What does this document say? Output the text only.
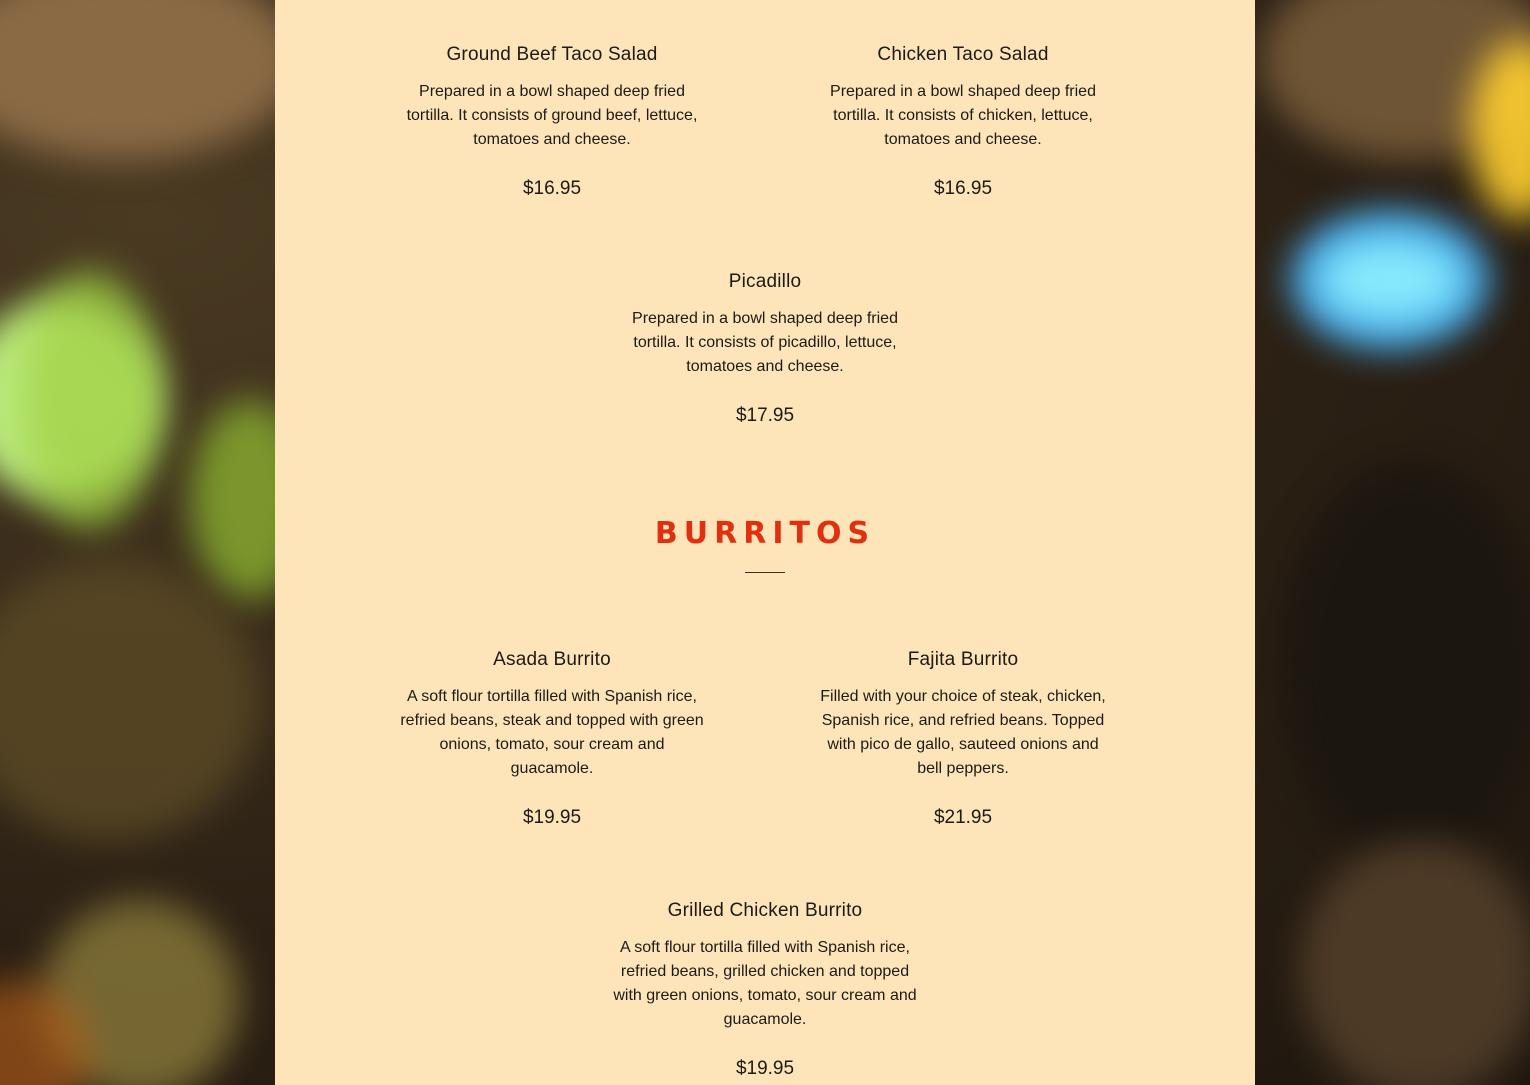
Ground Beef Taco Salad

Prepared in a bowl shaped deep fried tortilla. It consists of ground beef, lettuce, tomatoes and cheese.

$16.95

Chicken Taco Salad

Prepared in a bowl shaped deep fried tortilla. It consists of chicken, lettuce, tomatoes and cheese.

$16.95

Picadillo

Prepared in a bowl shaped deep fried tortilla. It consists of picadillo, lettuce, tomatoes and cheese.

$17.95

BURRITOS
Asada Burrito

A soft flour tortilla filled with Spanish rice, refried beans, steak and topped with green onions, tomato, sour cream and guacamole.

$19.95

Fajita Burrito

Filled with your choice of steak, chicken, Spanish rice, and refried beans. Topped with pico de gallo, sauteed onions and bell peppers.

$21.95

Grilled Chicken Burrito

A soft flour tortilla filled with Spanish rice, refried beans, grilled chicken and topped with green onions, tomato, sour cream and guacamole.

$19.95
